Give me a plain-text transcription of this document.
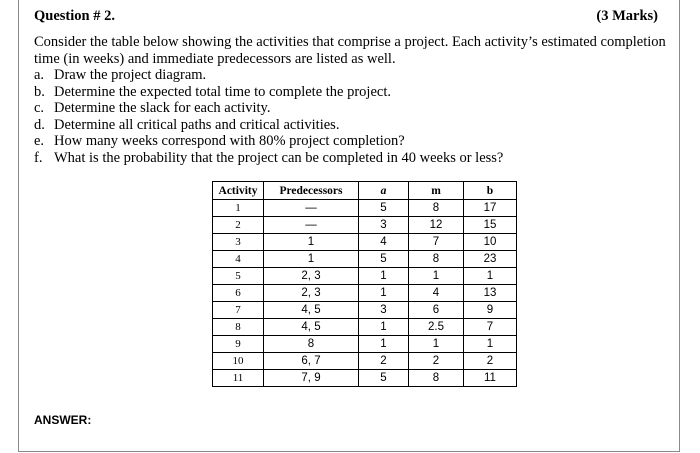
Question # 2.	(3 Marks)
Consider the table below showing the activities that comprise a project. Each activity’s estimated completion time (in weeks) and immediate predecessors are listed as well.
a. Draw the project diagram.
b. Determine the expected total time to complete the project.
c. Determine the slack for each activity.
d. Determine all critical paths and critical activities.
e. How many weeks correspond with 80% project completion?
f. What is the probability that the project can be completed in 40 weeks or less?
Activity	Predecessors	a	m	b
1	—	5	8	17
2	—	3	12	15
3	1	4	7	10
4	1	5	8	23
5	2, 3	1	1	1
6	2, 3	1	4	13
7	4, 5	3	6	9
8	4, 5	1	2.5	7
9	8	1	1	1
10	6, 7	2	2	2
11	7, 9	5	8	11
ANSWER:
